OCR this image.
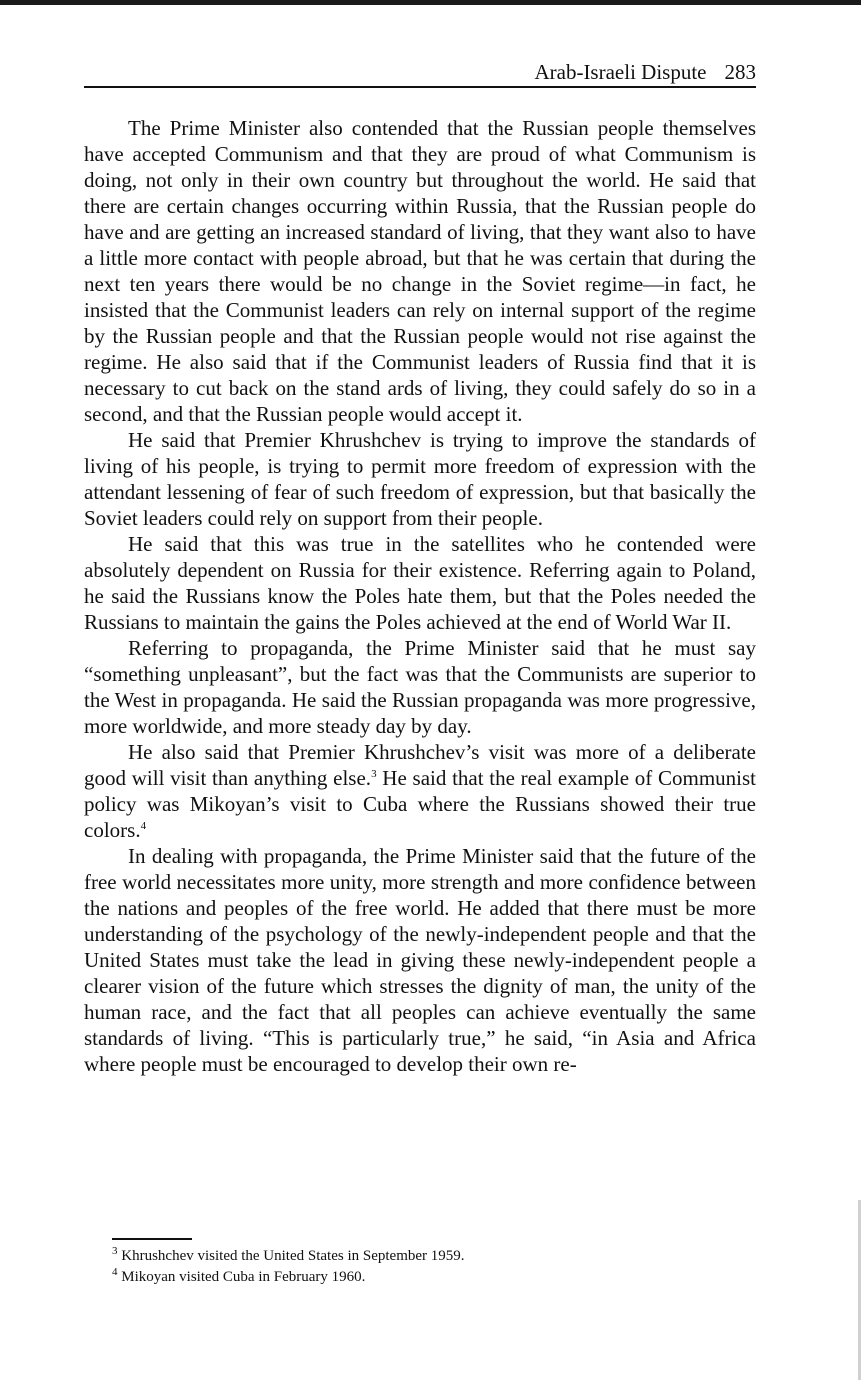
Arab-Israeli Dispute 283

The Prime Minister also contended that the Russian people themselves have accepted Communism and that they are proud of what Communism is doing, not only in their own country but throughout the world. He said that there are certain changes occurring within Russia, that the Russian people do have and are getting an increased standard of living, that they want also to have a little more contact with people abroad, but that he was certain that during the next ten years there would be no change in the Soviet regime—in fact, he insisted that the Communist leaders can rely on internal support of the regime by the Russian people and that the Russian people would not rise against the regime. He also said that if the Communist leaders of Russia find that it is necessary to cut back on the stand ards of living, they could safely do so in a second, and that the Russian people would accept it.

He said that Premier Khrushchev is trying to improve the standards of living of his people, is trying to permit more freedom of expression with the attendant lessening of fear of such freedom of expression, but that basically the Soviet leaders could rely on support from their people.

He said that this was true in the satellites who he contended were absolutely dependent on Russia for their existence. Referring again to Poland, he said the Russians know the Poles hate them, but that the Poles needed the Russians to maintain the gains the Poles achieved at the end of World War II.

Referring to propaganda, the Prime Minister said that he must say “something unpleasant”, but the fact was that the Communists are superior to the West in propaganda. He said the Russian propaganda was more progressive, more worldwide, and more steady day by day.

He also said that Premier Khrushchev’s visit was more of a deliberate good will visit than anything else.$^3$ He said that the real example of Communist policy was Mikoyan’s visit to Cuba where the Russians showed their true colors.$^4$

In dealing with propaganda, the Prime Minister said that the future of the free world necessitates more unity, more strength and more confidence between the nations and peoples of the free world. He added that there must be more understanding of the psychology of the newly-independent people and that the United States must take the lead in giving these newly-independent people a clearer vision of the future which stresses the dignity of man, the unity of the human race, and the fact that all peoples can achieve eventually the same standards of living. “This is particularly true,” he said, “in Asia and Africa where people must be encouraged to develop their own re-

$^3$ Khrushchev visited the United States in September 1959.

$^4$ Mikoyan visited Cuba in February 1960.
